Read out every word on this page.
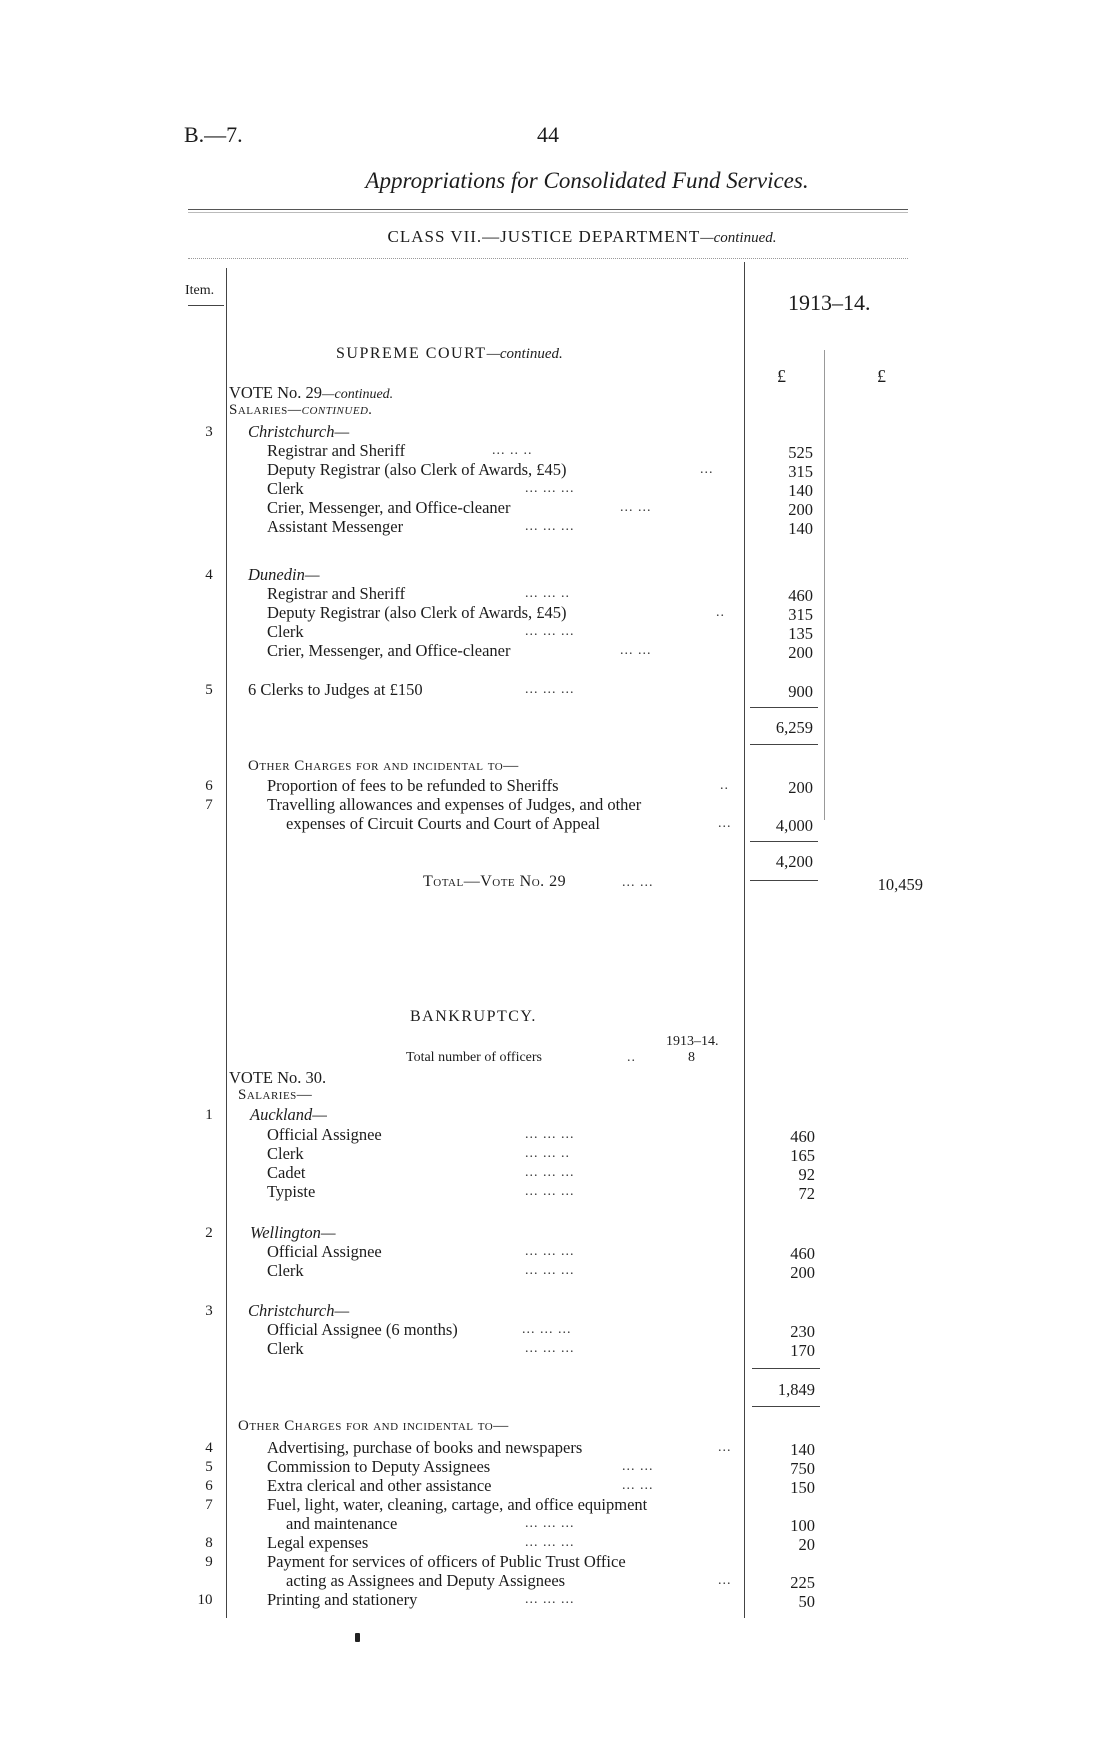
B.—7.	44
Appropriations for Consolidated Fund Services.
CLASS VII.—JUSTICE DEPARTMENT—continued.
Item.	1913–14.
£	£
SUPREME COURT—continued.
VOTE No. 29—continued.
Salaries—continued.
3	Christchurch—
Registrar and Sheriff	... .. ..	525
Deputy Registrar (also Clerk of Awards, £45)	...	315
Clerk	... ... ...	140
Crier, Messenger, and Office-cleaner	... ...	200
Assistant Messenger	... ... ...	140
4	Dunedin—
Registrar and Sheriff	... ... ..	460
Deputy Registrar (also Clerk of Awards, £45)	..	315
Clerk	... ... ...	135
Crier, Messenger, and Office-cleaner	... ...	200
5	6 Clerks to Judges at £150	... ... ...	900
6,259
Other Charges for and incidental to—
6	Proportion of fees to be refunded to Sheriffs	..	200
7	Travelling allowances and expenses of Judges, and other
expenses of Circuit Courts and Court of Appeal	...	4,000
4,200
Total—Vote No. 29	... ...	10,459
BANKRUPTCY.
1913–14.
Total number of officers	..	8
VOTE No. 30.
Salaries—
1	Auckland—
Official Assignee	... ... ...	460
Clerk	... ... ..	165
Cadet	... ... ...	92
Typiste	... ... ...	72
2	Wellington—
Official Assignee	... ... ...	460
Clerk	... ... ...	200
3	Christchurch—
Official Assignee (6 months)	... ... ...	230
Clerk	... ... ...	170
1,849
Other Charges for and incidental to—
4	Advertising, purchase of books and newspapers	...	140
5	Commission to Deputy Assignees	... ...	750
6	Extra clerical and other assistance	... ...	150
7	Fuel, light, water, cleaning, cartage, and office equipment
and maintenance	... ... ...	100
8	Legal expenses	... ... ...	20
9	Payment for services of officers of Public Trust Office
acting as Assignees and Deputy Assignees	...	225
10	Printing and stationery	... ... ...	50
